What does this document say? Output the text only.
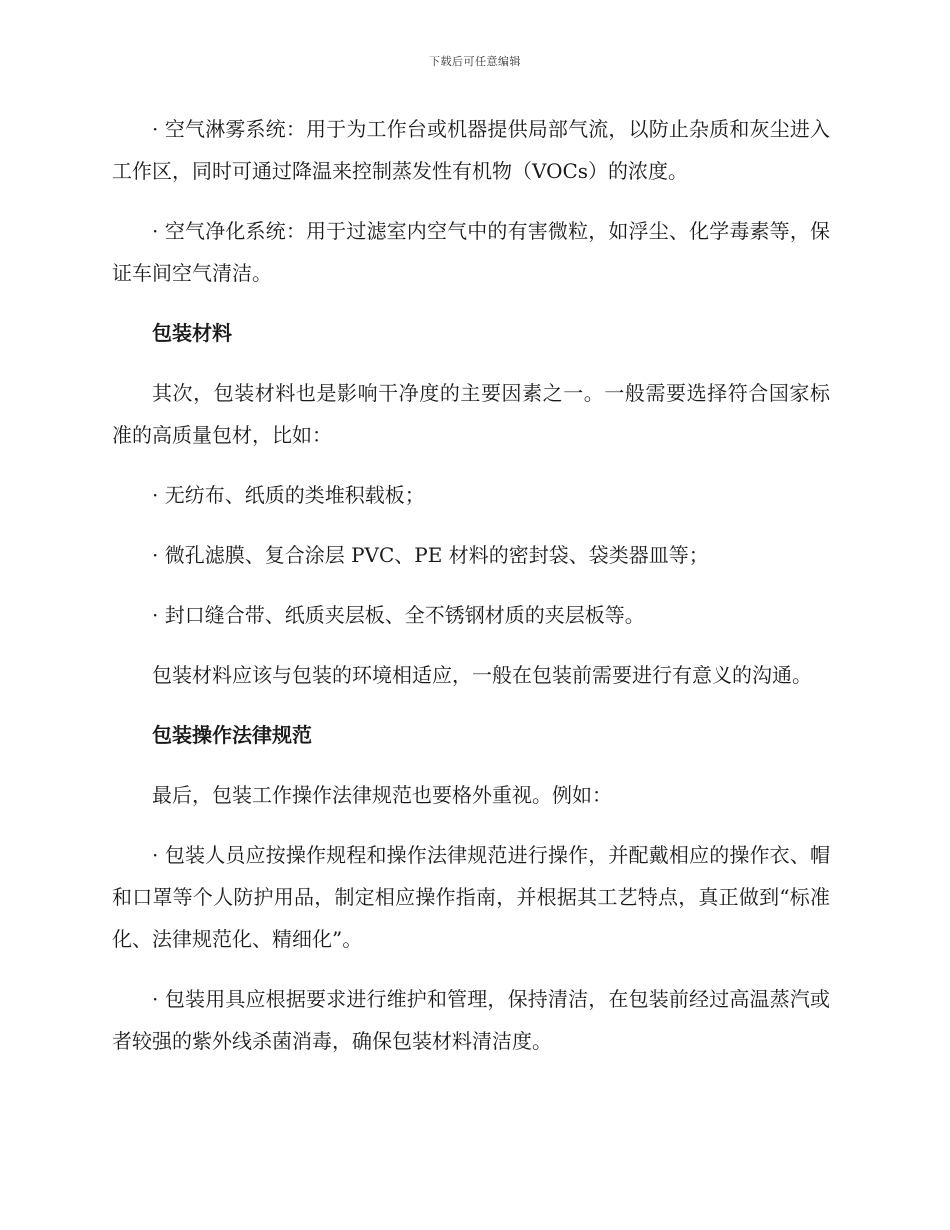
下载后可任意编辑

· 空气淋雾系统：用于为工作台或机器提供局部气流，以防止杂质和灰尘进入工作区，同时可通过降温来控制蒸发性有机物（VOCs）的浓度。

· 空气净化系统：用于过滤室内空气中的有害微粒，如浮尘、化学毒素等，保证车间空气清洁。

包装材料

其次，包装材料也是影响干净度的主要因素之一。一般需要选择符合国家标准的高质量包材，比如：

· 无纺布、纸质的类堆积载板；

· 微孔滤膜、复合涂层 PVC、PE 材料的密封袋、袋类器皿等；

· 封口缝合带、纸质夹层板、全不锈钢材质的夹层板等。

包装材料应该与包装的环境相适应，一般在包装前需要进行有意义的沟通。

包装操作法律规范

最后，包装工作操作法律规范也要格外重视。例如：

· 包装人员应按操作规程和操作法律规范进行操作，并配戴相应的操作衣、帽和口罩等个人防护用品，制定相应操作指南，并根据其工艺特点，真正做到“标准化、法律规范化、精细化”。

· 包装用具应根据要求进行维护和管理，保持清洁，在包装前经过高温蒸汽或者较强的紫外线杀菌消毒，确保包装材料清洁度。
